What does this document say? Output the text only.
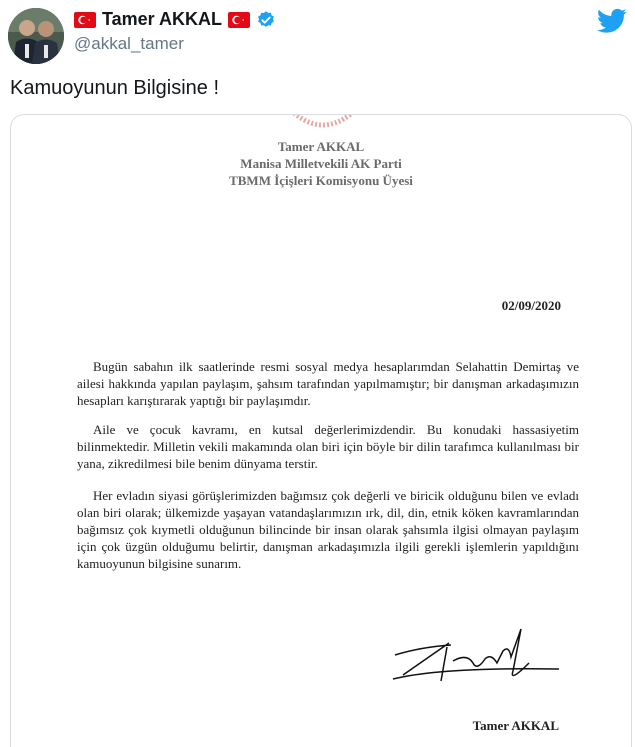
Tamer AKKAL
@akkal_tamer
Kamuoyunun Bilgisine !
Tamer AKKAL
Manisa Milletvekili AK Parti
TBMM İçişleri Komisyonu Üyesi
02/09/2020
Bugün sabahın ilk saatlerinde resmi sosyal medya hesaplarımdan Selahattin Demirtaş ve ailesi hakkında yapılan paylaşım, şahsım tarafından yapılmamıştır; bir danışman arkadaşımızın hesapları karıştırarak yaptığı bir paylaşımdır.
Aile ve çocuk kavramı, en kutsal değerlerimizdendir. Bu konudaki hassasiyetim bilinmektedir. Milletin vekili makamında olan biri için böyle bir dilin tarafımca kullanılması bir yana, zikredilmesi bile benim dünyama terstir.
Her evladın siyasi görüşlerimizden bağımsız çok değerli ve biricik olduğunu bilen ve evladı olan biri olarak; ülkemizde yaşayan vatandaşlarımızın ırk, dil, din, etnik köken kavramlarından bağımsız çok kıymetli olduğunun bilincinde bir insan olarak şahsımla ilgisi olmayan paylaşım için çok üzgün olduğumu belirtir, danışman arkadaşımızla ilgili gerekli işlemlerin yapıldığını kamuoyunun bilgisine sunarım.
Tamer AKKAL
